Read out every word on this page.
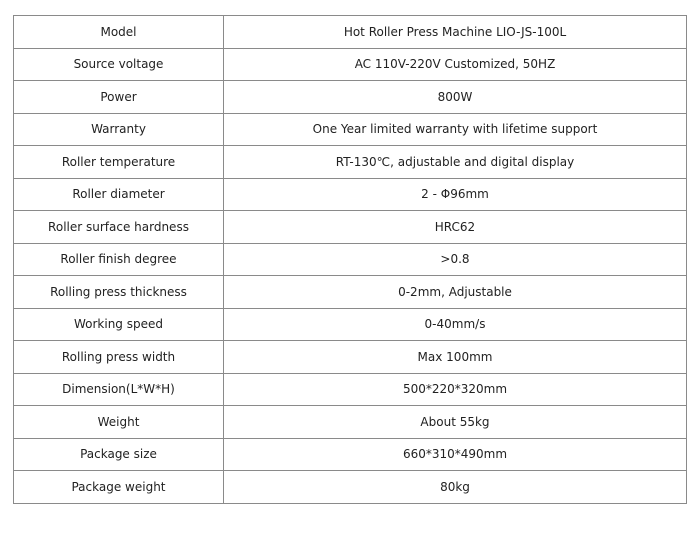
Model	Hot Roller Press Machine LIO-JS-100L
Source voltage	AC 110V-220V Customized, 50HZ
Power	800W
Warranty	One Year limited warranty with lifetime support
Roller temperature	RT-130℃, adjustable and digital display
Roller diameter	2 - Φ96mm
Roller surface hardness	HRC62
Roller finish degree	>0.8
Rolling press thickness	0-2mm, Adjustable
Working speed	0-40mm/s
Rolling press width	Max 100mm
Dimension(L*W*H)	500*220*320mm
Weight	About 55kg
Package size	660*310*490mm
Package weight	80kg
